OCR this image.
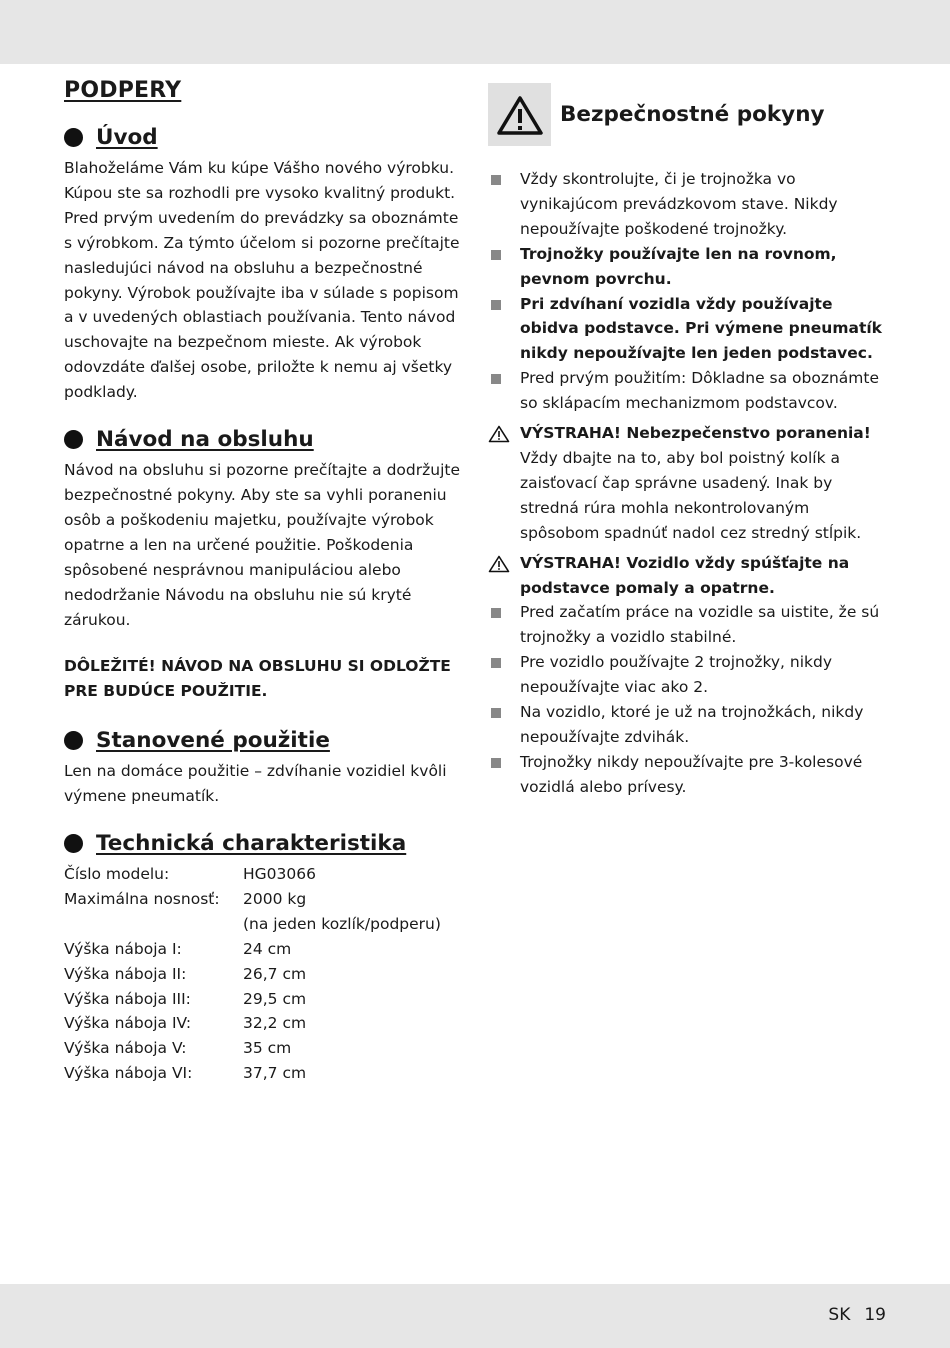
PODPERY
Úvod

Blahoželáme Vám ku kúpe Vášho nového výrobku. Kúpou ste sa rozhodli pre vysoko kvalitný produkt. Pred prvým uvedením do prevádzky sa oboznámte s výrobkom. Za týmto účelom si pozorne prečítajte nasledujúci návod na obsluhu a bezpečnostné pokyny. Výrobok používajte iba v súlade s popisom a v uvedených oblastiach používania. Tento návod uschovajte na bezpečnom mieste. Ak výrobok odovzdáte ďalšej osobe, priložte k nemu aj všetky podklady.

Návod na obsluhu

Návod na obsluhu si pozorne prečítajte a dodržujte bezpečnostné pokyny. Aby ste sa vyhli poraneniu osôb a poškodeniu majetku, používajte výrobok opatrne a len na určené použitie. Poškodenia spôsobené nesprávnou manipuláciou alebo nedodržanie Návodu na obsluhu nie sú kryté zárukou.

DÔLEŽITÉ! NÁVOD NA OBSLUHU SI ODLOŽTE PRE BUDÚCE POUŽITIE.
Stanovené použitie

Len na domáce použitie – zdvíhanie vozidiel kvôli výmene pneumatík.

Technická charakteristika
Číslo modelu:	HG03066
Maximálna nosnosť:	2000 kg
(na jeden kozlík/podperu)
Výška náboja I:	24 cm
Výška náboja II:	26,7 cm
Výška náboja III:	29,5 cm
Výška náboja IV:	32,2 cm
Výška náboja V:	35 cm
Výška náboja VI:	37,7 cm
Bezpečnostné pokyny
Vždy skontrolujte, či je trojnožka vo vynikajúcom prevádzkovom stave. Nikdy nepoužívajte poškodené trojnožky.
Trojnožky používajte len na rovnom, pevnom povrchu.
Pri zdvíhaní vozidla vždy používajte obidva podstavce. Pri výmene pneumatík nikdy nepoužívajte len jeden podstavec.
Pred prvým použitím: Dôkladne sa oboznámte so sklápacím mechanizmom podstavcov.
VÝSTRAHA! Nebezpečenstvo poranenia! Vždy dbajte na to, aby bol poistný kolík a zaisťovací čap správne usadený. Inak by stredná rúra mohla nekontrolovaným spôsobom spadnúť nadol cez stredný stĺpik.
VÝSTRAHA! Vozidlo vždy spúšťajte na podstavce pomaly a opatrne.
Pred začatím práce na vozidle sa uistite, že sú trojnožky a vozidlo stabilné.
Pre vozidlo používajte 2 trojnožky, nikdy nepoužívajte viac ako 2.
Na vozidlo, ktoré je už na trojnožkách, nikdy nepoužívajte zdvihák.
Trojnožky nikdy nepoužívajte pre 3-kolesové vozidlá alebo prívesy.
SK 19
